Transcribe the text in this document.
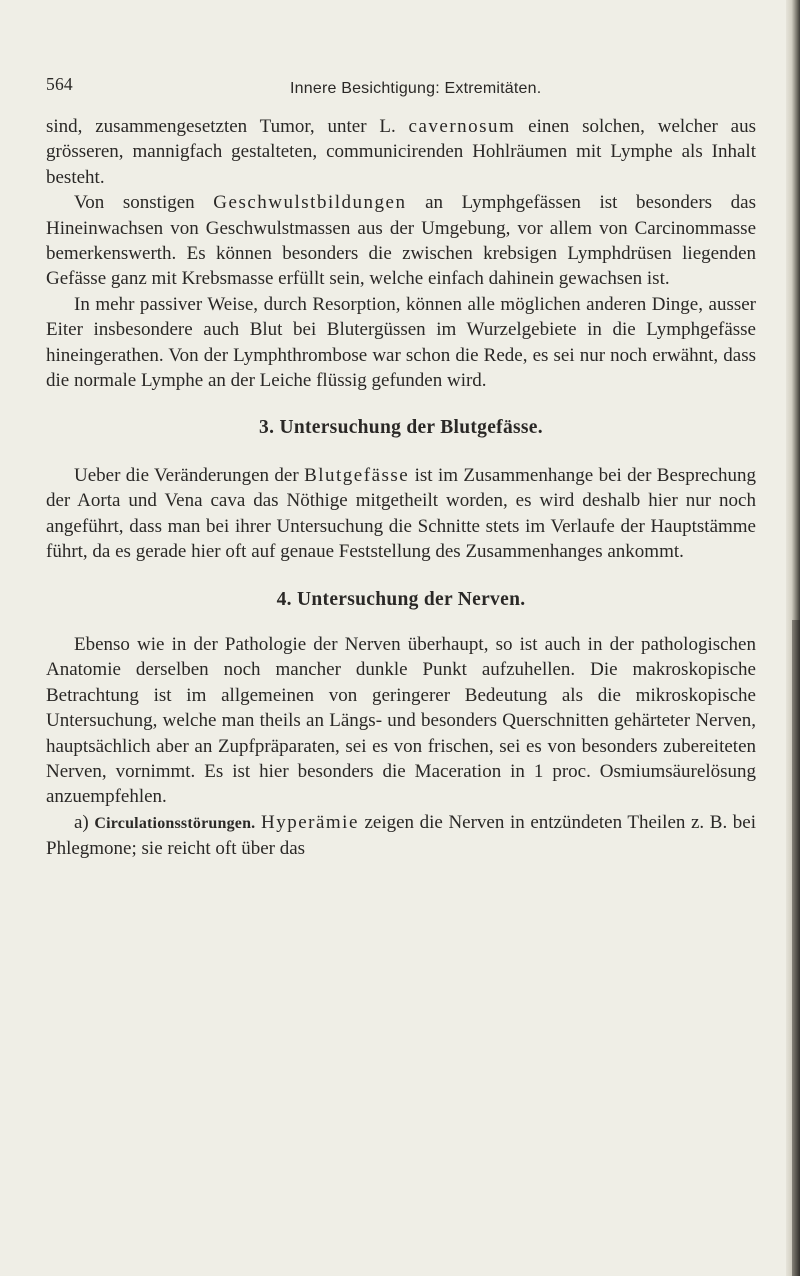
564	Innere Besichtigung: Extremitäten.

sind, zusammengesetzten Tumor, unter L. cavernosum einen solchen, welcher aus grösseren, mannigfach gestalteten, communicirenden Hohlräumen mit Lymphe als Inhalt besteht.

Von sonstigen Geschwulstbildungen an Lymphgefässen ist besonders das Hineinwachsen von Geschwulstmassen aus der Umgebung, vor allem von Carcinommasse bemerkenswerth. Es können besonders die zwischen krebsigen Lymphdrüsen liegenden Gefässe ganz mit Krebsmasse erfüllt sein, welche einfach dahinein gewachsen ist.

In mehr passiver Weise, durch Resorption, können alle möglichen anderen Dinge, ausser Eiter insbesondere auch Blut bei Blutergüssen im Wurzelgebiete in die Lymphgefässe hineingerathen. Von der Lymphthrombose war schon die Rede, es sei nur noch erwähnt, dass die normale Lymphe an der Leiche flüssig gefunden wird.

3. Untersuchung der Blutgefässe.

Ueber die Veränderungen der Blutgefässe ist im Zusammenhange bei der Besprechung der Aorta und Vena cava das Nöthige mitgetheilt worden, es wird deshalb hier nur noch angeführt, dass man bei ihrer Untersuchung die Schnitte stets im Verlaufe der Hauptstämme führt, da es gerade hier oft auf genaue Feststellung des Zusammenhanges ankommt.

4. Untersuchung der Nerven.

Ebenso wie in der Pathologie der Nerven überhaupt, so ist auch in der pathologischen Anatomie derselben noch mancher dunkle Punkt aufzuhellen. Die makroskopische Betrachtung ist im allgemeinen von geringerer Bedeutung als die mikroskopische Untersuchung, welche man theils an Längs- und besonders Querschnitten gehärteter Nerven, hauptsächlich aber an Zupfpräparaten, sei es von frischen, sei es von besonders zubereiteten Nerven, vornimmt. Es ist hier besonders die Maceration in 1 proc. Osmiumsäurelösung anzuempfehlen.

a) Circulationsstörungen. Hyperämie zeigen die Nerven in entzündeten Theilen z. B. bei Phlegmone; sie reicht oft über das
